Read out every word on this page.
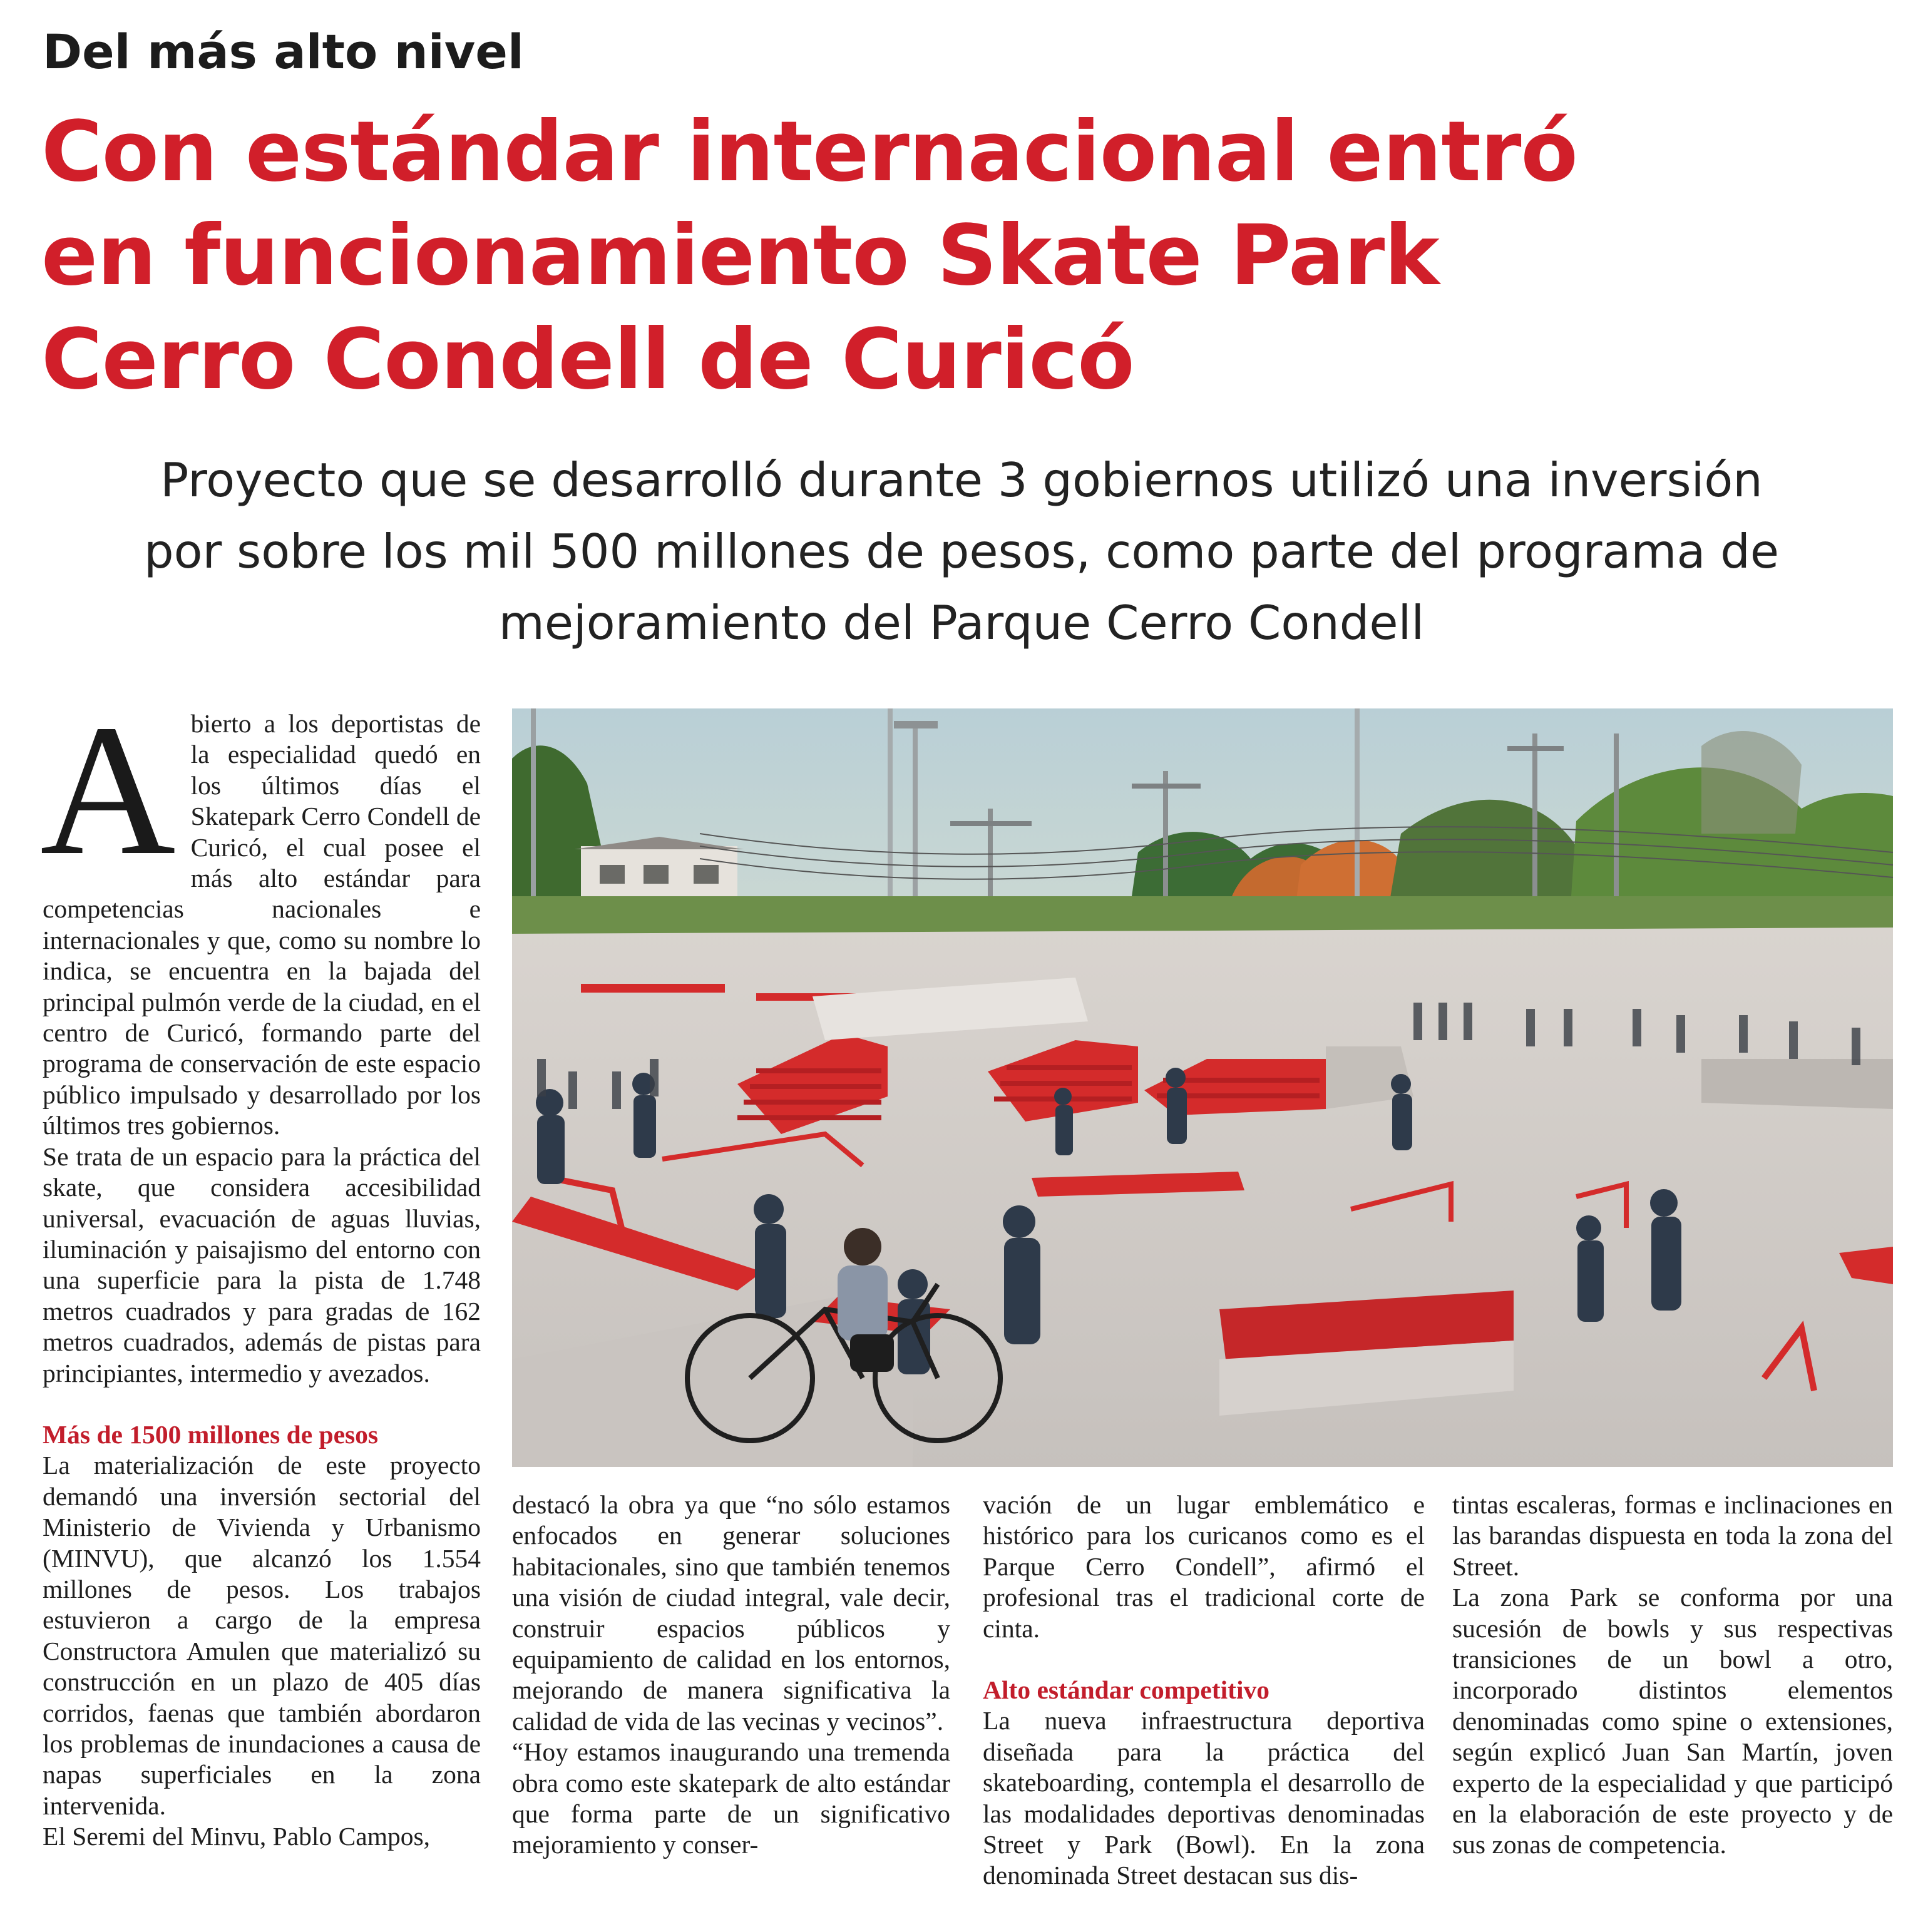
Del más alto nivel
Con estándar internacional entró
en funcionamiento Skate Park
Cerro Condell de Curicó
Proyecto que se desarrolló durante 3 gobiernos utilizó una inversión
por sobre los mil 500 millones de pesos, como parte del programa de
mejoramiento del Parque Cerro Condell
A bierto a los deportistas de la especialidad quedó en los últimos días el Skatepark Cerro Condell de Curicó, el cual posee el más alto estándar para competencias nacionales e internacionales y que, como su nombre lo indica, se encuentra en la bajada del principal pulmón verde de la ciudad, en el centro de Curicó, formando parte del programa de conservación de este espacio público impulsado y desarrollado por los últimos tres gobiernos.

Se trata de un espacio para la práctica del skate, que considera accesibilidad universal, evacuación de aguas lluvias, iluminación y paisajismo del entorno con una superficie para la pista de 1.748 metros cuadrados y para gradas de 162 metros cuadrados, además de pistas para principiantes, intermedio y avezados.

Más de 1500 millones de pesos

La materialización de este proyecto demandó una inversión sectorial del Ministerio de Vivienda y Urbanismo (MINVU), que alcanzó los 1.554 millones de pesos. Los trabajos estuvieron a cargo de la empresa Constructora Amulen que materializó su construcción en un plazo de 405 días corridos, faenas que también abordaron los problemas de inundaciones a causa de napas superficiales en la zona intervenida.

El Seremi del Minvu, Pablo Campos,

destacó la obra ya que “no sólo estamos enfocados en generar soluciones habitacionales, sino que también tenemos una visión de ciudad integral, vale decir, construir espacios públicos y equipamiento de calidad en los entornos, mejorando de manera significativa la calidad de vida de las vecinas y vecinos”.

“Hoy estamos inaugurando una tremenda obra como este skatepark de alto estándar que forma parte de un significativo mejoramiento y conser-

vación de un lugar emblemático e histórico para los curicanos como es el Parque Cerro Condell”, afirmó el profesional tras el tradicional corte de cinta.

Alto estándar competitivo

La nueva infraestructura deportiva diseñada para la práctica del skateboarding, contempla el desarrollo de las modalidades deportivas denominadas Street y Park (Bowl). En la zona denominada Street destacan sus dis-

tintas escaleras, formas e inclinaciones en las barandas dispuesta en toda la zona del Street.

La zona Park se conforma por una sucesión de bowls y sus respectivas transiciones de un bowl a otro, incorporado distintos elementos denominadas como spine o extensiones, según explicó Juan San Martín, joven experto de la especialidad y que participó en la elaboración de este proyecto y de sus zonas de competencia.
